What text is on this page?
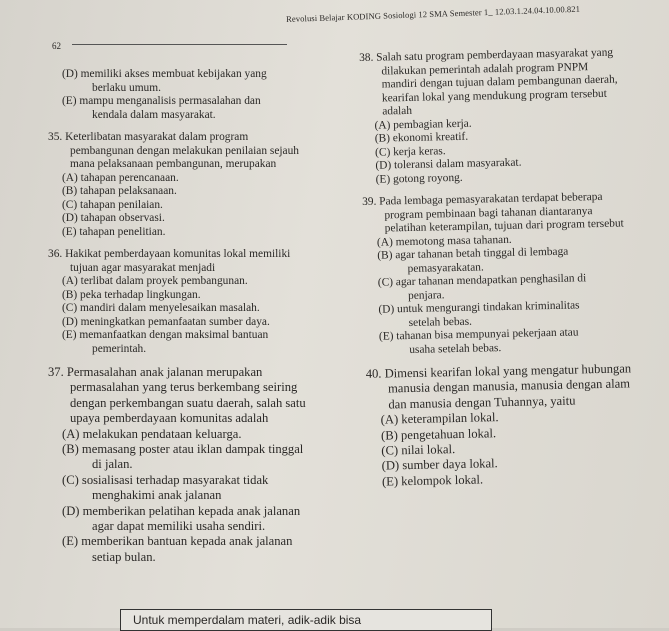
62
Revolusi Belajar KODING Sosiologi 12 SMA Semester 1_ 12.03.1.24.04.10.00.821

(D) memiliki akses membuat kebijakan yang

berlaku umum.

(E) mampu menganalisis permasalahan dan

kendala dalam masyarakat.

35. Keterlibatan masyarakat dalam program

pembangunan dengan melakukan penilaian sejauh

mana pelaksanaan pembangunan, merupakan

(A) tahapan perencanaan.

(B) tahapan pelaksanaan.

(C) tahapan penilaian.

(D) tahapan observasi.

(E) tahapan penelitian.

36. Hakikat pemberdayaan komunitas lokal memiliki

tujuan agar masyarakat menjadi

(A) terlibat dalam proyek pembangunan.

(B) peka terhadap lingkungan.

(C) mandiri dalam menyelesaikan masalah.

(D) meningkatkan pemanfaatan sumber daya.

(E) memanfaatkan dengan maksimal bantuan

pemerintah.

37. Permasalahan anak jalanan merupakan

permasalahan yang terus berkembang seiring

dengan perkembangan suatu daerah, salah satu

upaya pemberdayaan komunitas adalah

(A) melakukan pendataan keluarga.

(B) memasang poster atau iklan dampak tinggal

di jalan.

(C) sosialisasi terhadap masyarakat tidak

menghakimi anak jalanan

(D) memberikan pelatihan kepada anak jalanan

agar dapat memiliki usaha sendiri.

(E) memberikan bantuan kepada anak jalanan

setiap bulan.

38. Salah satu program pemberdayaan masyarakat yang

dilakukan pemerintah adalah program PNPM

mandiri dengan tujuan dalam pembangunan daerah,

kearifan lokal yang mendukung program tersebut

adalah

(A) pembagian kerja.

(B) ekonomi kreatif.

(C) kerja keras.

(D) toleransi dalam masyarakat.

(E) gotong royong.

39. Pada lembaga pemasyarakatan terdapat beberapa

program pembinaan bagi tahanan diantaranya

pelatihan keterampilan, tujuan dari program tersebut

(A) memotong masa tahanan.

(B) agar tahanan betah tinggal di lembaga

pemasyarakatan.

(C) agar tahanan mendapatkan penghasilan di

penjara.

(D) untuk mengurangi tindakan kriminalitas

setelah bebas.

(E) tahanan bisa mempunyai pekerjaan atau

usaha setelah bebas.

40. Dimensi kearifan lokal yang mengatur hubungan

manusia dengan manusia, manusia dengan alam

dan manusia dengan Tuhannya, yaitu

(A) keterampilan lokal.

(B) pengetahuan lokal.

(C) nilai lokal.

(D) sumber daya lokal.

(E) kelompok lokal.

Untuk memperdalam materi, adik-adik bisa
